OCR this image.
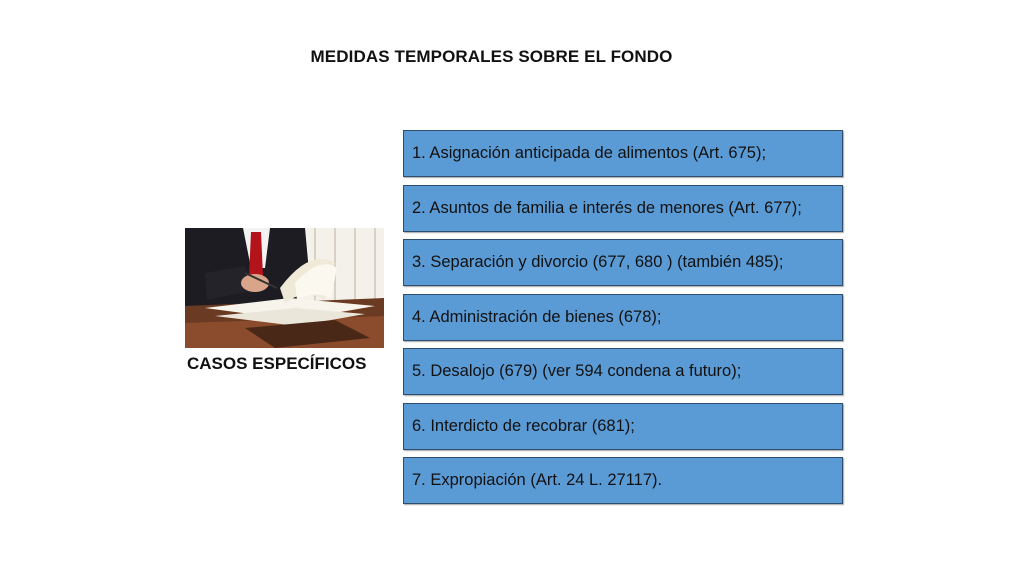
MEDIDAS TEMPORALES SOBRE EL FONDO
CASOS ESPECÍFICOS
1. Asignación anticipada de alimentos (Art. 675);
2. Asuntos de familia e interés de menores (Art. 677);
3. Separación y divorcio (677, 680 ) (también 485);
4. Administración de bienes (678);
5. Desalojo (679) (ver 594 condena a futuro);
6. Interdicto de recobrar (681);
7. Expropiación (Art. 24 L. 27117).
